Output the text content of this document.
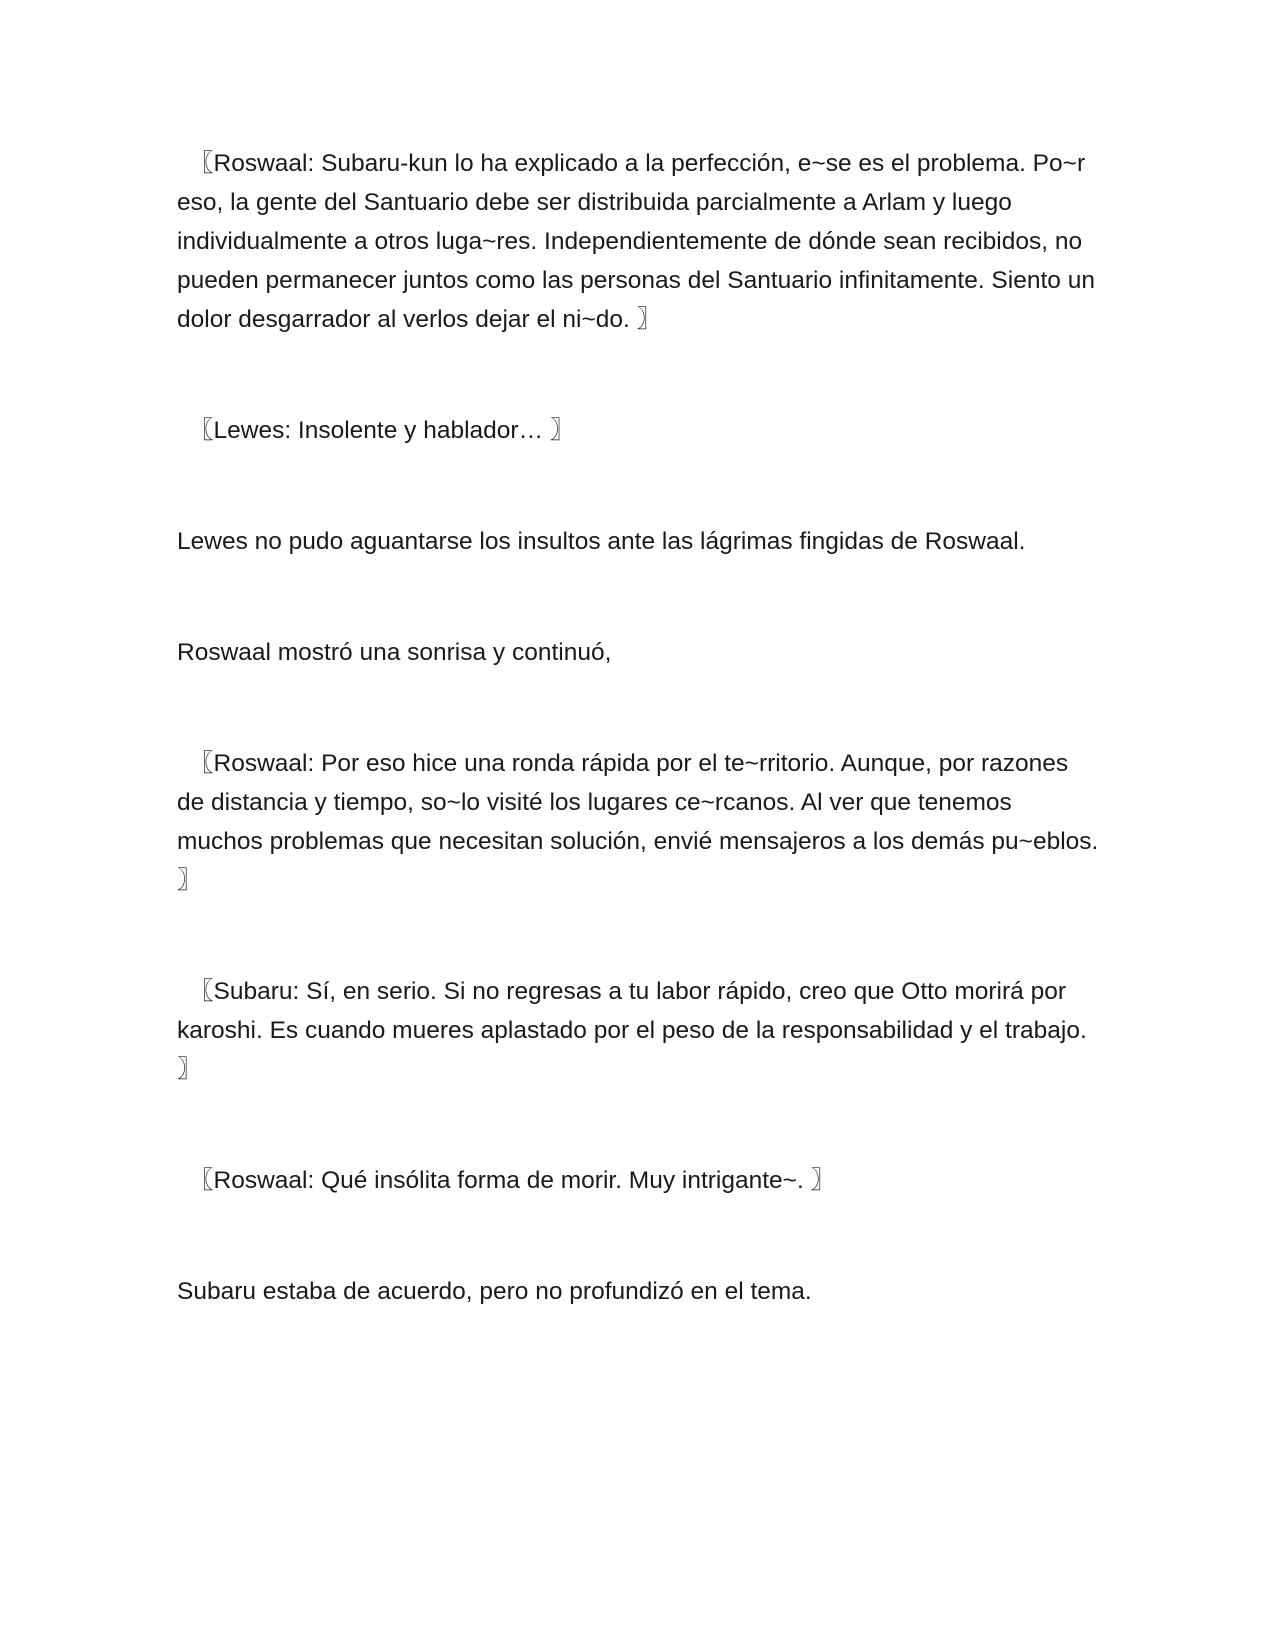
〖Roswaal: Subaru-kun lo ha explicado a la perfección, e~se es el problema. Po~r eso, la gente del Santuario debe ser distribuida parcialmente a Arlam y luego individualmente a otros luga~res. Independientemente de dónde sean recibidos, no pueden permanecer juntos como las personas del Santuario infinitamente. Siento un dolor desgarrador al verlos dejar el ni~do. 〗

〖Lewes: Insolente y hablador… 〗

Lewes no pudo aguantarse los insultos ante las lágrimas fingidas de Roswaal.

Roswaal mostró una sonrisa y continuó,

〖Roswaal: Por eso hice una ronda rápida por el te~rritorio. Aunque, por razones de distancia y tiempo, so~lo visité los lugares ce~rcanos. Al ver que tenemos muchos problemas que necesitan solución, envié mensajeros a los demás pu~eblos. 〗

〖Subaru: Sí, en serio. Si no regresas a tu labor rápido, creo que Otto morirá por karoshi. Es cuando mueres aplastado por el peso de la responsabilidad y el trabajo. 〗

〖Roswaal: Qué insólita forma de morir. Muy intrigante~. 〗

Subaru estaba de acuerdo, pero no profundizó en el tema.
